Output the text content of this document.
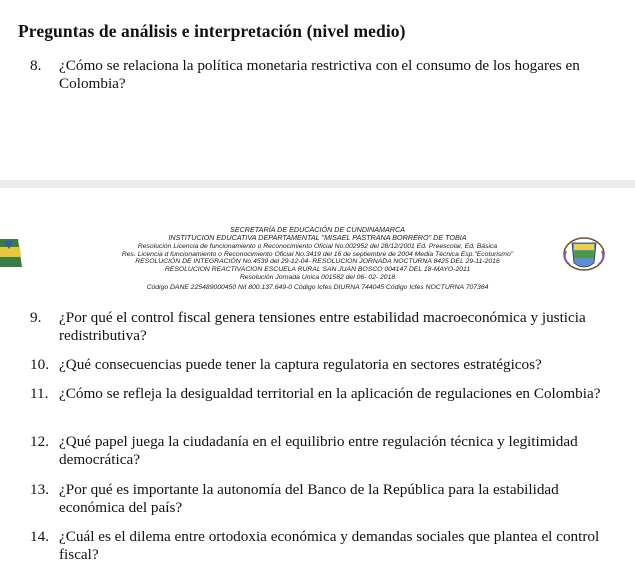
Preguntas de análisis e interpretación (nivel medio)
8.	¿Cómo se relaciona la política monetaria restrictiva con el consumo de los hogares en Colombia?
SECRETARÍA DE EDUCACIÓN DE CUNDINAMARCA
INSTITUCION EDUCATIVA DEPARTAMENTAL "MISAEL PASTRANA BORRERO" DE TOBIA
Resolución Licencia de funcionamiento o Reconocimiento Oficial No.002952 del 28/12/2001 Ed. Preescolar, Ed. Básica
Res. Licencia d funcionamiento o Reconocimiento Oficial No.3419 del 16 de septiembre de 2004 Media Técnica Esp."Ecoturismo"
RESOLUCIÓN DE INTEGRACIÓN No.4539 del 29-12-04- RESOLUCION JORNADA NOCTURNA 8425 DEL 29-11-2016
RESOLUCION REACTIVACION ESCUELA RURAL SAN JUAN BOSCO 004147 DEL 18-MAYO-2011
Resolución Jornada Unica 001562 del 06- 02- 2018
Código DANE 225489000450 Nit 800.137.649-0 Código Icfes DIURNA 744045 Código Icfes NOCTURNA 707364
9.	¿Por qué el control fiscal genera tensiones entre estabilidad macroeconómica y justicia redistributiva?
10. ¿Qué consecuencias puede tener la captura regulatoria en sectores estratégicos?
11. ¿Cómo se refleja la desigualdad territorial en la aplicación de regulaciones en Colombia?
12. ¿Qué papel juega la ciudadanía en el equilibrio entre regulación técnica y legitimidad democrática?
13. ¿Por qué es importante la autonomía del Banco de la República para la estabilidad económica del país?
14. ¿Cuál es el dilema entre ortodoxia económica y demandas sociales que plantea el control fiscal?
